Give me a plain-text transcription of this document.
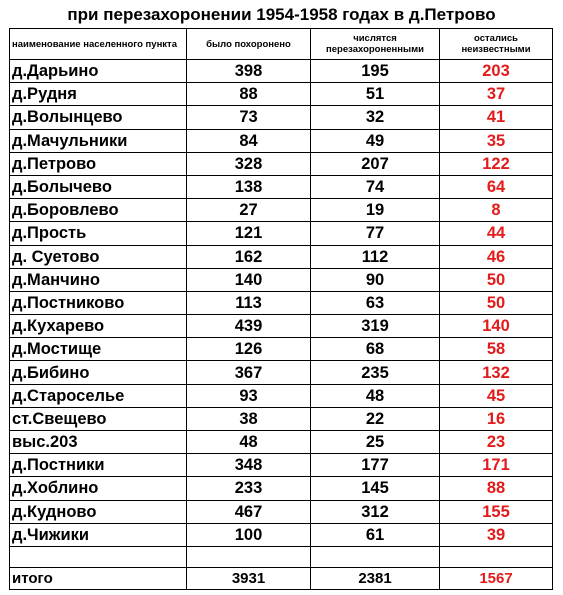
при перезахоронении 1954-1958 годах в д.Петрово
наименование населенного пункта	было похоронено	числятся перезахороненными	остались неизвестными
д.Дарьино	398	195	203
д.Рудня	88	51	37
д.Волынцево	73	32	41
д.Мачульники	84	49	35
д.Петрово	328	207	122
д.Болычево	138	74	64
д.Боровлево	27	19	8
д.Прость	121	77	44
д. Суетово	162	112	46
д.Манчино	140	90	50
д.Постниково	113	63	50
д.Кухарево	439	319	140
д.Мостище	126	68	58
д.Бибино	367	235	132
д.Староселье	93	48	45
ст.Свещево	38	22	16
выс.203	48	25	23
д.Постники	348	177	171
д.Хоблино	233	145	88
д.Кудново	467	312	155
д.Чижики	100	61	39

итого	3931	2381	1567
